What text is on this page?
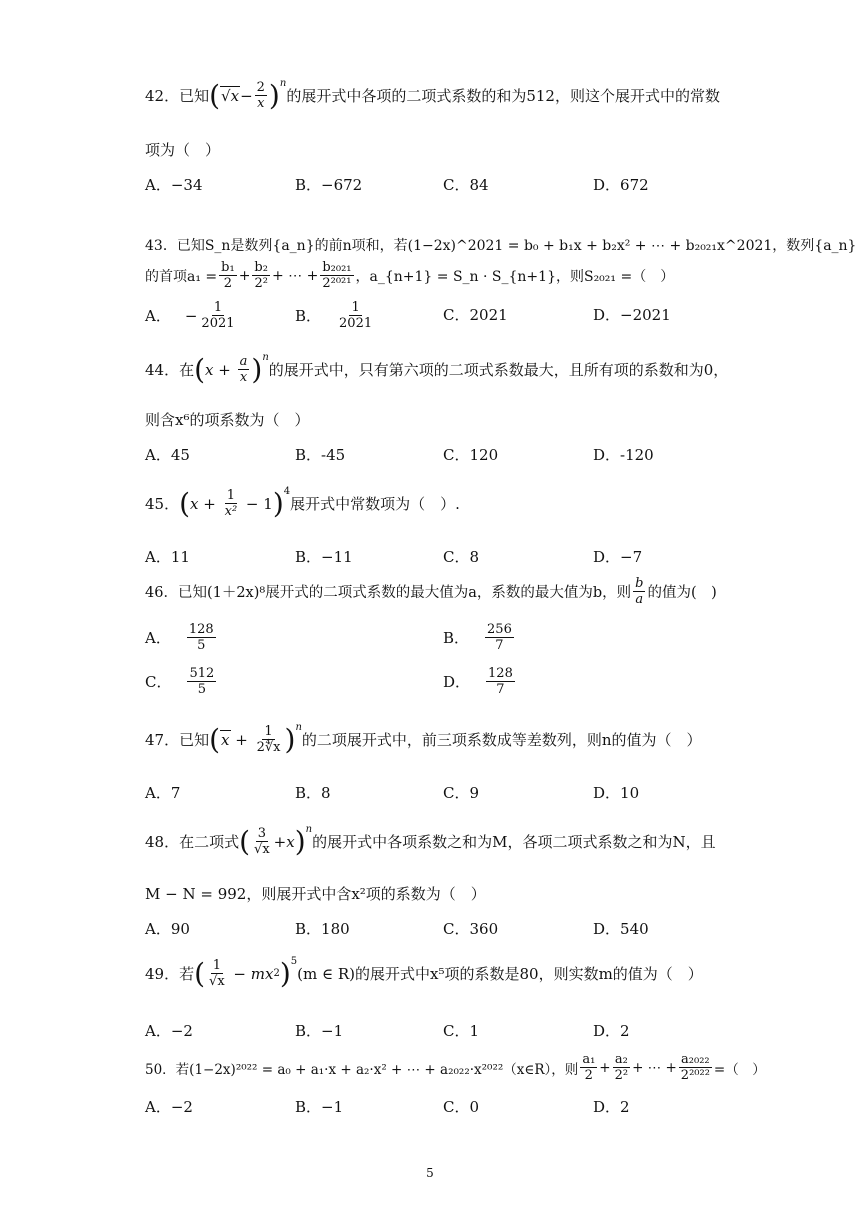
42．已知 ( $√x - \frac{2}{x}$ ) n
的展开式中各项的二项式系数的和为512，则这个展开式中的常数
项为（　）
A．−34	B．−672	C．84	D．672
43．已知S_n是数列{a_n}的前n项和，若(1−2x)^2021 = b₀ + b₁x + b₂x² + ⋯ + b₂₀₂₁x^2021，数列{a_n}
的首项$a_1 = \frac{\text{b₁}}{2} + \frac{\text{b₂}}{\text{2²}}$ + ⋯ + $\frac{\text{b₂₀₂₁}}{\text{2²⁰²¹}}$ ，a_{n+1} = S_n · S_{n+1}，则S₂₀₂₁ =（　）
A． − $\frac{1}{2021}$	B． $\frac{1}{2021}$	C．2021	D．−2021
44．在 ( $x + \frac{a}{x}$ ) n
的展开式中，只有第六项的二项式系数最大，且所有项的系数和为0，
则含x⁶的项系数为（　）
A．45	B．-45	C．120	D．-120
45． ( $x + \frac{1}{\text{x²}} - 1$ ) 4
展开式中常数项为（　）.
A．11	B．−11	C．8	D．−7
46．已知(1＋2x)⁸展开式的二项式系数的最大值为a，系数的最大值为b，则 $\frac{b}{a}$ 的值为(　)
A． $\frac{128}{5}$	B． $\frac{256}{7}$
C． $\frac{512}{5}$	D． $\frac{128}{7}$
47．已知 ( $x + \frac{1}{2∜x}$ ) n
的二项展开式中，前三项系数成等差数列，则n的值为（　）
A．7	B．8	C．9	D．10
48．在二项式 ( $\frac{3}{√x} + x$ ) n
的展开式中各项系数之和为M，各项二项式系数之和为N，且
M − N = 992，则展开式中含x²项的系数为（　）
A．90	B．180	C．360	D．540
49．若 ( $\frac{1}{√x}$ − mx 2 ) 5
(m ∈ R)的展开式中x⁵项的系数是80，则实数m的值为（　）
A．−2	B．−1	C．1	D．2
50．若(1−2x)²⁰²² = a₀ + a₁·x + a₂·x² + ⋯ + a₂₀₂₂·x²⁰²²（x∈R），则 $\frac{\text{a₁}}{2} + \frac{\text{a₂}}{\text{2²}}$ + ⋯ + $\frac{\text{a₂₀₂₂}}{\text{2²⁰²²}}$ =（　）
A．−2	B．−1	C．0	D．2
5
